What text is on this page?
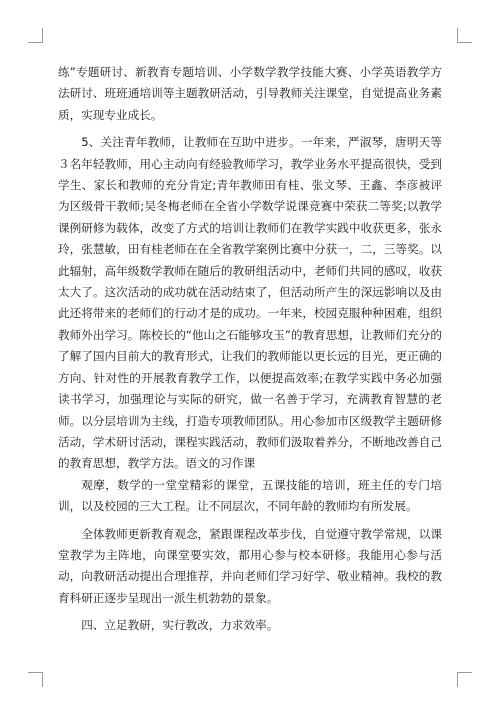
练”专题研讨、新教育专题培训、小学数学教学技能大赛、小学英语教学方法研讨、班班通培训等主题教研活动，引导教师关注课堂，自觉提高业务素质，实现专业成长。

5、关注青年教师，让教师在互助中进步。一年来，严淑琴，唐明天等３名年轻教师，用心主动向有经验教师学习，教学业务水平提高很快，受到学生、家长和教师的充分肯定;青年教师田有桂、张文琴、王鑫、李彦被评为区级骨干教师;吴冬梅老师在全省小学数学说课竞赛中荣获二等奖;以教学课例研修为载体，改变了方式的培训让教师们在教学实践中收获更多，张永玲，张慧敏，田有桂老师在在全省教学案例比赛中分获一，二，三等奖。以此辐射，高年级数学教师在随后的教研组活动中，老师们共同的感叹，收获太大了。这次活动的成功就在活动结束了，但活动所产生的深远影响以及由此还将带来的老师们的行动才是的成功。一年来，校园克服种种困难，组织教师外出学习。陈校长的“他山之石能够攻玉”的教育思想，让教师们充分的了解了国内目前大的教育形式，让我们的教师能以更长远的目光，更正确的方向、针对性的开展教育教学工作，以便提高效率;在教学实践中务必加强读书学习，加强理论与实际的研究，做一名善于学习，充满教育智慧的老师。以分层培训为主线，打造专项教师团队。用心参加市区级教学主题研修活动，学术研讨活动，课程实践活动，教师们汲取着养分，不断地改善自己的教育思想，教学方法。语文的习作课

观摩，数学的一堂堂精彩的课堂，五课技能的培训，班主任的专门培训，以及校园的三大工程。让不同层次，不同年龄的教师均有所发展。

全体教师更新教育观念，紧跟课程改革步伐，自觉遵守教学常规，以课堂教学为主阵地，向课堂要实效，都用心参与校本研修。我能用心参与活动，向教研活动提出合理推荐，并向老师们学习好学、敬业精神。我校的教育科研正逐步呈现出一派生机勃勃的景象。

四、立足教研，实行教改，力求效率。
